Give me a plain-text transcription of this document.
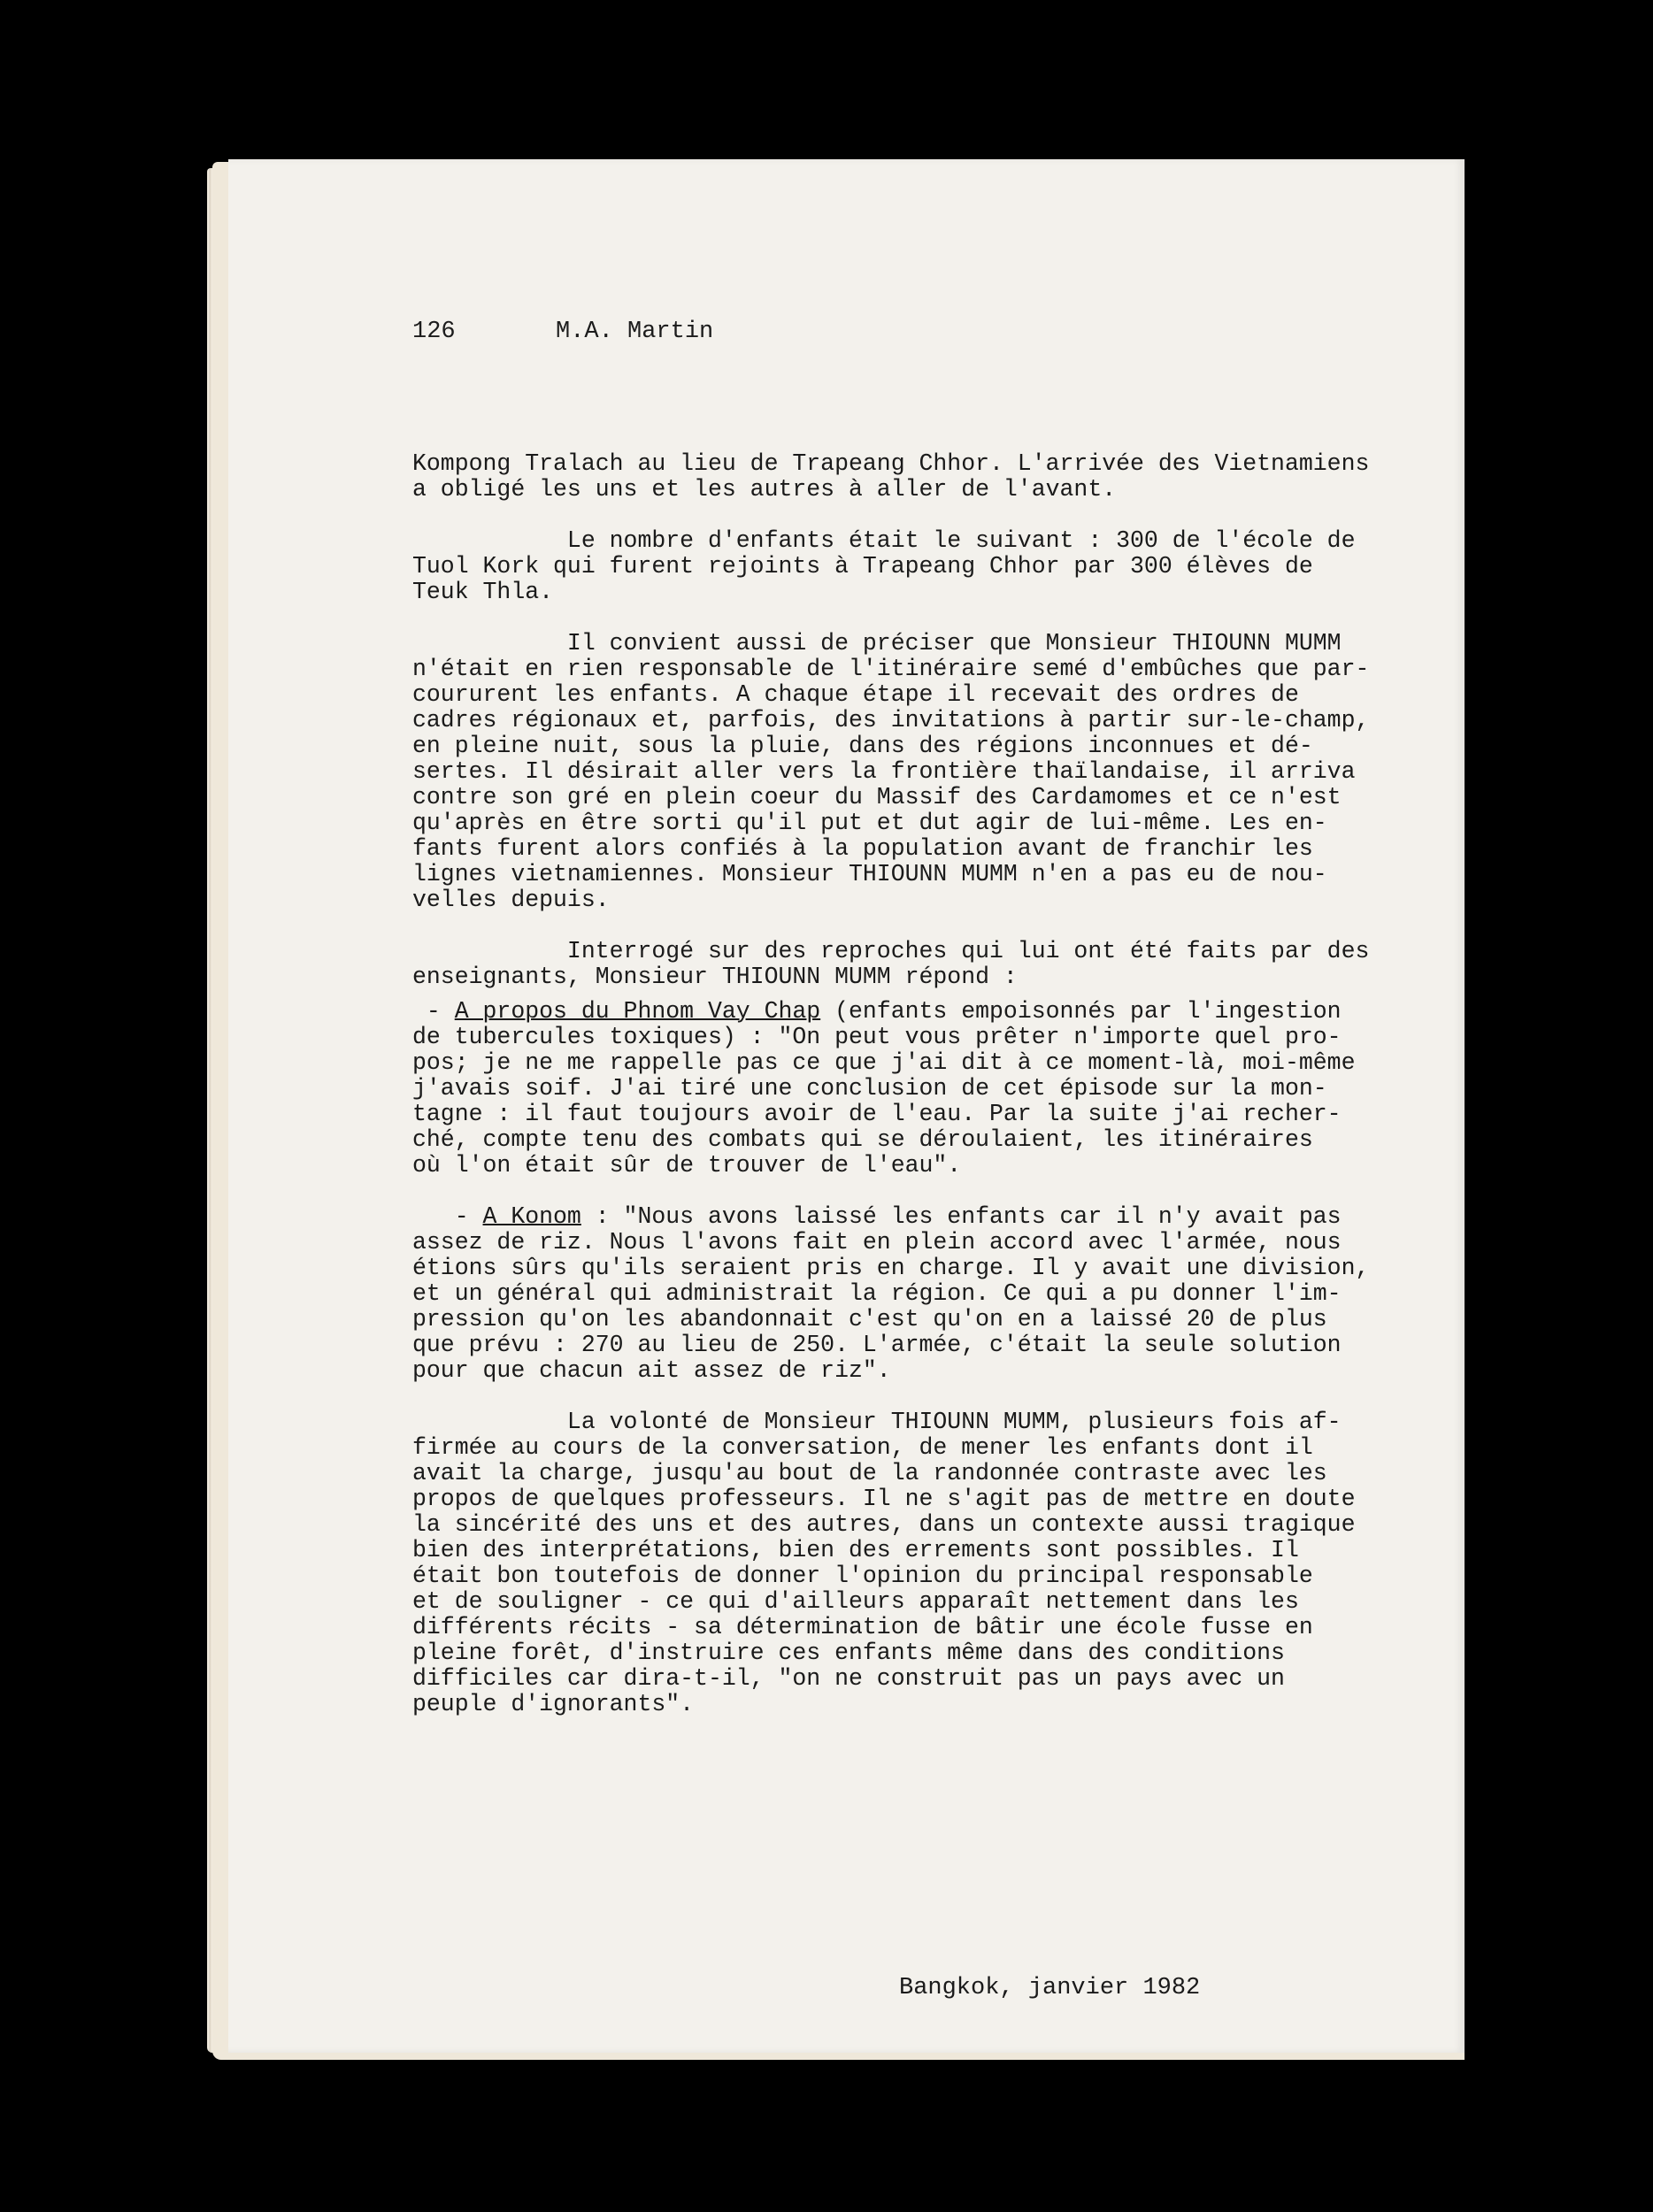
126	M.A. Martin
Kompong Tralach au lieu de Trapeang Chhor. L'arrivée des Vietnamiens
a obligé les uns et les autres à aller de l'avant.
Le nombre d'enfants était le suivant : 300 de l'école de
Tuol Kork qui furent rejoints à Trapeang Chhor par 300 élèves de
Teuk Thla.
Il convient aussi de préciser que Monsieur THIOUNN MUMM
n'était en rien responsable de l'itinéraire semé d'embûches que par-
coururent les enfants. A chaque étape il recevait des ordres de
cadres régionaux et, parfois, des invitations à partir sur-le-champ,
en pleine nuit, sous la pluie, dans des régions inconnues et dé-
sertes. Il désirait aller vers la frontière thaïlandaise, il arriva
contre son gré en plein coeur du Massif des Cardamomes et ce n'est
qu'après en être sorti qu'il put et dut agir de lui-même. Les en-
fants furent alors confiés à la population avant de franchir les
lignes vietnamiennes. Monsieur THIOUNN MUMM n'en a pas eu de nou-
velles depuis.
Interrogé sur des reproches qui lui ont été faits par des
enseignants, Monsieur THIOUNN MUMM répond :
- A propos du Phnom Vay Chap (enfants empoisonnés par l'ingestion
de tubercules toxiques) : "On peut vous prêter n'importe quel pro-
pos; je ne me rappelle pas ce que j'ai dit à ce moment-là, moi-même
j'avais soif. J'ai tiré une conclusion de cet épisode sur la mon-
tagne : il faut toujours avoir de l'eau. Par la suite j'ai recher-
ché, compte tenu des combats qui se déroulaient, les itinéraires
où l'on était sûr de trouver de l'eau".
- A Konom : "Nous avons laissé les enfants car il n'y avait pas
assez de riz. Nous l'avons fait en plein accord avec l'armée, nous
étions sûrs qu'ils seraient pris en charge. Il y avait une division,
et un général qui administrait la région. Ce qui a pu donner l'im-
pression qu'on les abandonnait c'est qu'on en a laissé 20 de plus
que prévu : 270 au lieu de 250. L'armée, c'était la seule solution
pour que chacun ait assez de riz".
La volonté de Monsieur THIOUNN MUMM, plusieurs fois af-
firmée au cours de la conversation, de mener les enfants dont il
avait la charge, jusqu'au bout de la randonnée contraste avec les
propos de quelques professeurs. Il ne s'agit pas de mettre en doute
la sincérité des uns et des autres, dans un contexte aussi tragique
bien des interprétations, bien des errements sont possibles. Il
était bon toutefois de donner l'opinion du principal responsable
et de souligner - ce qui d'ailleurs apparaît nettement dans les
différents récits - sa détermination de bâtir une école fusse en
pleine forêt, d'instruire ces enfants même dans des conditions
difficiles car dira-t-il, "on ne construit pas un pays avec un
peuple d'ignorants".
Bangkok, janvier 1982
